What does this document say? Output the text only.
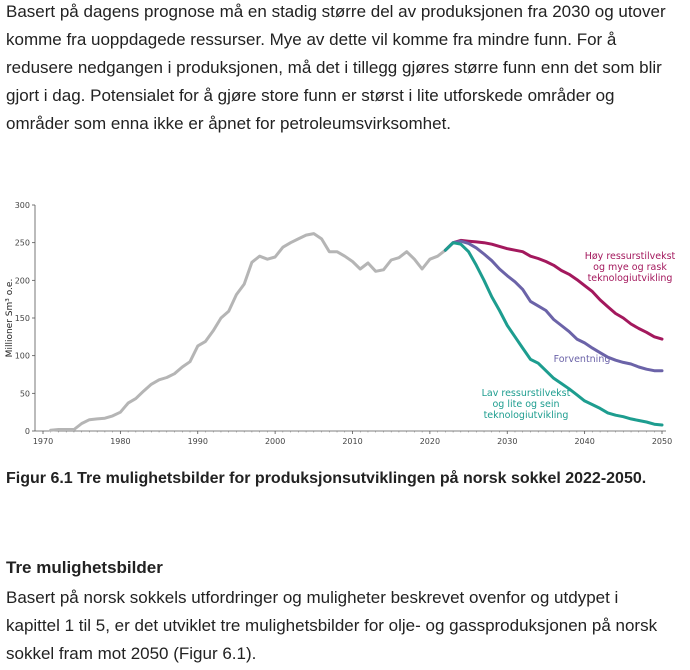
Basert på dagens prognose må en stadig større del av produksjonen fra 2030 og utover komme fra uoppdagede ressurser. Mye av dette vil komme fra mindre funn. For å redusere nedgangen i produksjonen, må det i tillegg gjøres større funn enn det som blir gjort i dag. Potensialet for å gjøre store funn er størst i lite utforskede områder og områder som enna ikke er åpnet for petroleumsvirksomhet.

0
50
100
150
200
250
300
1970	1980	1990	2000	2010	2020	2030	2040	2050
Millioner Sm³ o.e.
Høy ressurstilvekst og mye og rask teknologiutvikling
Forventning
Lav ressurstilvekst og lite og sein teknologiutvikling

Figur 6.1 Tre mulighetsbilder for produksjonsutviklingen på norsk sokkel 2022-2050.

Tre mulighetsbilder

Basert på norsk sokkels utfordringer og muligheter beskrevet ovenfor og utdypet i kapittel 1 til 5, er det utviklet tre mulighetsbilder for olje- og gassproduksjonen på norsk sokkel fram mot 2050 (Figur 6.1).
